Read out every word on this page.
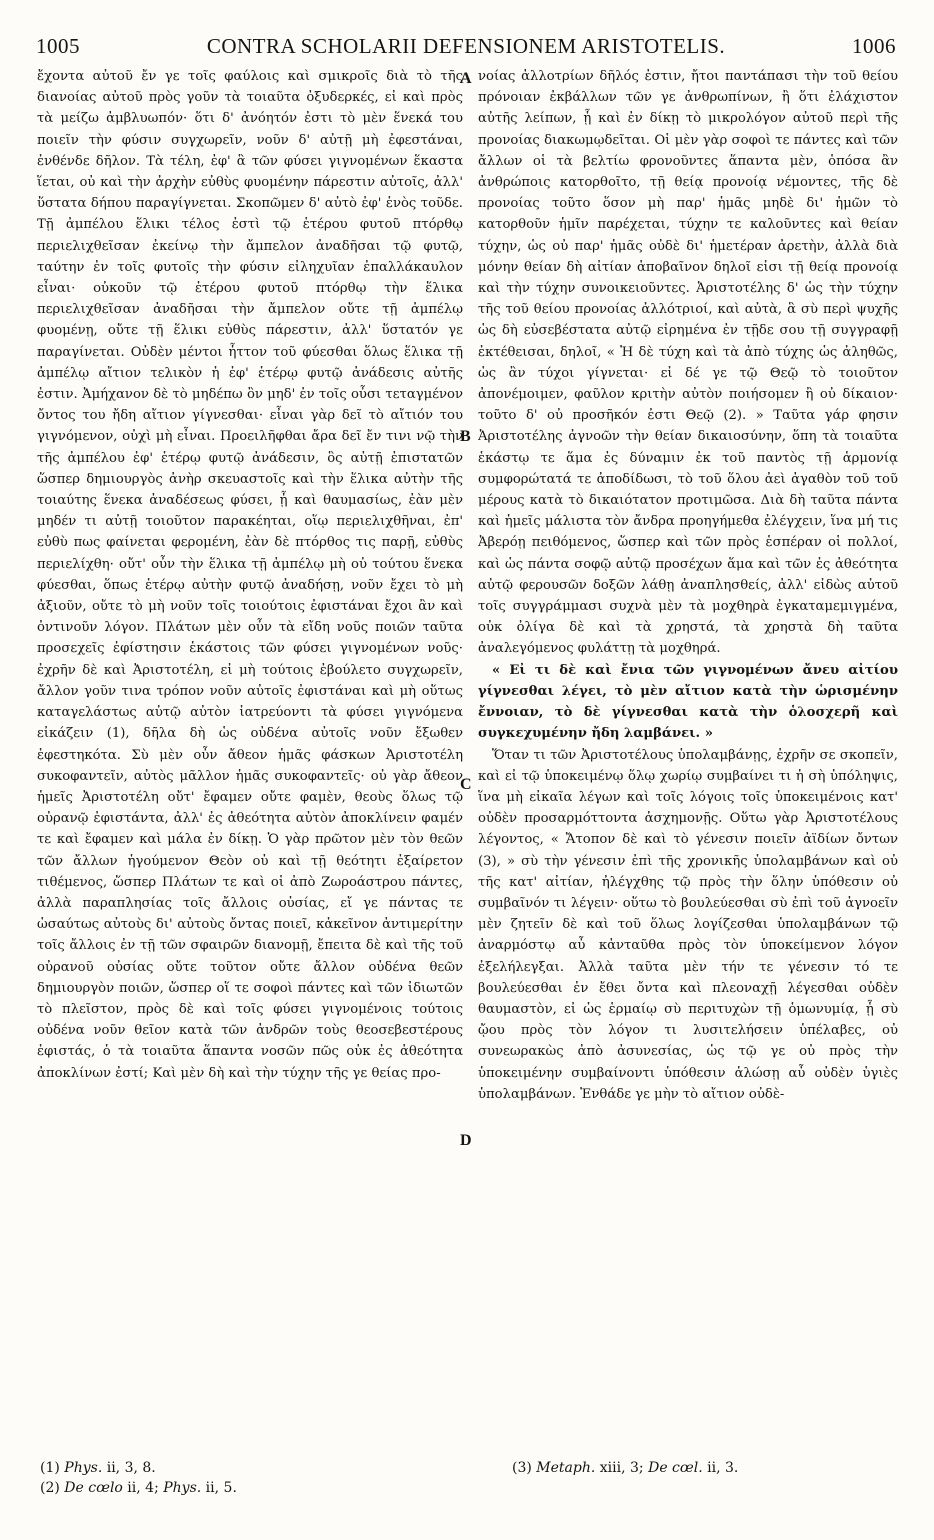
1005	CONTRA SCHOLARII DEFENSIONEM ARISTOTELIS.	1006

ἔχοντα αὐτοῦ ἔν γε τοῖς φαύλοις καὶ σμικροῖς διὰ τὸ τῆς διανοίας αὐτοῦ πρὸς γοῦν τὰ τοιαῦτα ὀξυδερκές, εἰ καὶ πρὸς τὰ μείζω ἀμβλυωπόν· ὅτι δ' ἀνόητόν ἐστι τὸ μὲν ἕνεκά του ποιεῖν τὴν φύσιν συγχωρεῖν, νοῦν δ' αὐτῇ μὴ ἐφεστάναι, ἐνθένδε δῆλον. Τὰ τέλη, ἐφ' ἃ τῶν φύσει γιγνομένων ἕκαστα ἵεται, οὐ καὶ τὴν ἀρχὴν εὐθὺς φυομένην πάρεστιν αὐτοῖς, ἀλλ' ὕστατα δήπου παραγίγνεται. Σκοπῶμεν δ' αὐτὸ ἐφ' ἑνὸς τοῦδε. Τῇ ἀμπέλου ἕλικι τέλος ἐστὶ τῷ ἑτέρου φυτοῦ πτόρθῳ περιελιχθεῖσαν ἐκείνῳ τὴν ἄμπελον ἀναδῆσαι τῷ φυτῷ, ταύτην ἐν τοῖς φυτοῖς τὴν φύσιν εἰληχυῖαν ἐπαλλάκαυλον εἶναι· οὐκοῦν τῷ ἑτέρου φυτοῦ πτόρθῳ τὴν ἕλικα περιελιχθεῖσαν ἀναδῆσαι τὴν ἄμπελον οὔτε τῇ ἀμπέλῳ φυομένῃ, οὔτε τῇ ἕλικι εὐθὺς πάρεστιν, ἀλλ' ὕστατόν γε παραγίνεται. Οὐδὲν μέντοι ἧττον τοῦ φύεσθαι ὅλως ἕλικα τῇ ἀμπέλῳ αἴτιον τελικὸν ἡ ἐφ' ἑτέρῳ φυτῷ ἀνάδεσις αὐτῆς ἐστιν. Ἀμήχανον δὲ τὸ μηδέπω ὂν μηδ' ἐν τοῖς οὖσι τεταγμένον ὄντος του ἤδη αἴτιον γίγνεσθαι· εἶναι γὰρ δεῖ τὸ αἴτιόν του γιγνόμενον, οὐχὶ μὴ εἶναι. Προειλῆφθαι ἄρα δεῖ ἔν τινι νῷ τὴν τῆς ἀμπέλου ἐφ' ἑτέρῳ φυτῷ ἀνάδεσιν, ὃς αὐτῇ ἐπιστατῶν ὥσπερ δημιουργὸς ἀνὴρ σκευαστοῖς καὶ τὴν ἕλικα αὐτὴν τῆς τοιαύτης ἕνεκα ἀναδέσεως φύσει, ᾗ καὶ θαυμασίως, ἐὰν μὲν μηδέν τι αὐτῇ τοιοῦτον παρακέηται, οἵῳ περιελιχθῆναι, ἐπ' εὐθὺ πως φαίνεται φερομένη, ἐὰν δὲ πτόρθος τις παρῇ, εὐθὺς περιελίχθη· οὔτ' οὖν τὴν ἕλικα τῇ ἀμπέλῳ μὴ οὐ τούτου ἕνεκα φύεσθαι, ὅπως ἑτέρῳ αὐτὴν φυτῷ ἀναδήσῃ, νοῦν ἔχει τὸ μὴ ἀξιοῦν, οὔτε τὸ μὴ νοῦν τοῖς τοιούτοις ἐφιστάναι ἔχοι ἂν καὶ ὀντινοῦν λόγον. Πλάτων μὲν οὖν τὰ εἴδη νοῦς ποιῶν ταῦτα προσεχεῖς ἐφίστησιν ἑκάστοις τῶν φύσει γιγνομένων νοῦς· ἐχρῆν δὲ καὶ Ἀριστοτέλη, εἰ μὴ τούτοις ἐβούλετο συγχωρεῖν, ἄλλον γοῦν τινα τρόπον νοῦν αὐτοῖς ἐφιστάναι καὶ μὴ οὕτως καταγελάστως αὐτῷ αὐτὸν ἰατρεύοντι τὰ φύσει γιγνόμενα εἰκάζειν (1), δῆλα δὴ ὡς οὐδένα αὐτοῖς νοῦν ἔξωθεν ἐφεστηκότα. Σὺ μὲν οὖν ἄθεον ἡμᾶς φάσκων Ἀριστοτέλη συκοφαντεῖν, αὐτὸς μᾶλλον ἡμᾶς συκοφαντεῖς· οὐ γὰρ ἄθεον ἡμεῖς Ἀριστοτέλη οὔτ' ἔφαμεν οὔτε φαμὲν, θεοὺς ὅλως τῷ οὐρανῷ ἐφιστάντα, ἀλλ' ἐς ἀθεότητα αὐτὸν ἀποκλίνειν φαμέν τε καὶ ἔφαμεν καὶ μάλα ἐν δίκῃ. Ὁ γὰρ πρῶτον μὲν τὸν θεῶν τῶν ἄλλων ἡγούμενον Θεὸν οὐ καὶ τῇ θεότητι ἐξαίρετον τιθέμενος, ὥσπερ Πλάτων τε καὶ οἱ ἀπὸ Ζωροάστρου πάντες, ἀλλὰ παραπλησίας τοῖς ἄλλοις οὐσίας, εἴ γε πάντας τε ὡσαύτως αὐτοὺς δι' αὐτοὺς ὄντας ποιεῖ, κἀκεῖνον ἀντιμερίτην τοῖς ἄλλοις ἐν τῇ τῶν σφαιρῶν διανομῇ, ἔπειτα δὲ καὶ τῆς τοῦ οὐρανοῦ οὐσίας οὔτε τοῦτον οὔτε ἄλλον οὐδένα θεῶν δημιουργὸν ποιῶν, ὥσπερ οἵ τε σοφοὶ πάντες καὶ τῶν ἰδιωτῶν τὸ πλεῖστον, πρὸς δὲ καὶ τοῖς φύσει γιγνομένοις τούτοις οὐδένα νοῦν θεῖον κατὰ τῶν ἀνδρῶν τοὺς θεοσεβεστέρους ἐφιστάς, ὁ τὰ τοιαῦτα ἅπαντα νοσῶν πῶς οὐκ ἐς ἀθεότητα ἀποκλίνων ἐστί; Καὶ μὲν δὴ καὶ τὴν τύχην τῆς γε θείας προ-

A
B
C
D

νοίας ἀλλοτρίων δῆλός ἐστιν, ἤτοι παντάπασι τὴν τοῦ θείου πρόνοιαν ἐκβάλλων τῶν γε ἀνθρωπίνων, ἢ ὅτι ἐλάχιστον αὐτῆς λείπων, ᾗ καὶ ἐν δίκῃ τὸ μικρολόγον αὐτοῦ περὶ τῆς προνοίας διακωμῳδεῖται. Οἱ μὲν γὰρ σοφοὶ τε πάντες καὶ τῶν ἄλλων οἱ τὰ βελτίω φρονοῦντες ἅπαντα μὲν, ὁπόσα ἂν ἀνθρώποις κατορθοῖτο, τῇ θείᾳ προνοίᾳ νέμοντες, τῆς δὲ προνοίας τοῦτο ὅσον μὴ παρ' ἡμᾶς μηδὲ δι' ἡμῶν τὸ κατορθοῦν ἡμῖν παρέχεται, τύχην τε καλοῦντες καὶ θείαν τύχην, ὡς οὐ παρ' ἡμᾶς οὐδὲ δι' ἡμετέραν ἀρετὴν, ἀλλὰ διὰ μόνην θείαν δὴ αἰτίαν ἀποβαῖνον δηλοῖ εἰσι τῇ θείᾳ προνοίᾳ καὶ τὴν τύχην συνοικειοῦντες. Ἀριστοτέλης δ' ὡς τὴν τύχην τῆς τοῦ θείου προνοίας ἀλλότριοί, καὶ αὐτὰ, ἃ σὺ περὶ ψυχῆς ὡς δὴ εὐσεβέστατα αὐτῷ εἰρημένα ἐν τῇδε σου τῇ συγγραφῇ ἐκτέθεισαι, δηλοῖ, « Ἡ δὲ τύχη καὶ τὰ ἀπὸ τύχης ὡς ἀληθῶς, ὡς ἂν τύχοι γίγνεται· εἰ δέ γε τῷ Θεῷ τὸ τοιοῦτον ἀπονέμοιμεν, φαῦλον κριτὴν αὐτὸν ποιήσομεν ἢ οὐ δίκαιον· τοῦτο δ' οὐ προσῆκόν ἐστι Θεῷ (2). » Ταῦτα γάρ φησιν Ἀριστοτέλης ἀγνοῶν τὴν θείαν δικαιοσύνην, ὅπη τὰ τοιαῦτα ἑκάστῳ τε ἅμα ἐς δύναμιν ἐκ τοῦ παντὸς τῇ ἁρμονίᾳ συμφορώτατά τε ἀποδίδωσι, τὸ τοῦ ὅλου ἀεὶ ἀγαθὸν τοῦ τοῦ μέρους κατὰ τὸ δικαιότατον προτιμῶσα. Διὰ δὴ ταῦτα πάντα καὶ ἡμεῖς μάλιστα τὸν ἄνδρα προηγήμεθα ἐλέγχειν, ἵνα μή τις Ἀβερόῃ πειθόμενος, ὥσπερ καὶ τῶν πρὸς ἑσπέραν οἱ πολλοί, καὶ ὡς πάντα σοφῷ αὐτῷ προσέχων ἅμα καὶ τῶν ἐς ἀθεότητα αὐτῷ φερουσῶν δοξῶν λάθῃ ἀναπλησθείς, ἀλλ' εἰδὼς αὐτοῦ τοῖς συγγράμμασι συχνὰ μὲν τὰ μοχθηρὰ ἐγκαταμεμιγμένα, οὐκ ὀλίγα δὲ καὶ τὰ χρηστά, τὰ χρηστὰ δὴ ταῦτα ἀναλεγόμενος φυλάττῃ τὰ μοχθηρά.

« Εἰ τι δὲ καὶ ἔνια τῶν γιγνομένων ἄνευ αἰτίου γίγνεσθαι λέγει, τὸ μὲν αἴτιον κατὰ τὴν ὡρισμένην ἔννοιαν, τὸ δὲ γίγνεσθαι κατὰ τὴν ὁλοσχερῆ καὶ συγκεχυμένην ἤδη λαμβάνει. »

Ὅταν τι τῶν Ἀριστοτέλους ὑπολαμβάνῃς, ἐχρῆν σε σκοπεῖν, καὶ εἰ τῷ ὑποκειμένῳ ὅλῳ χωρίῳ συμβαίνει τι ἡ σὴ ὑπόληψις, ἵνα μὴ εἰκαῖα λέγων καὶ τοῖς λόγοις τοῖς ὑποκειμένοις κατ' οὐδὲν προσαρμόττοντα ἀσχημονῇς. Οὕτω γὰρ Ἀριστοτέλους λέγοντος, « Ἄτοπον δὲ καὶ τὸ γένεσιν ποιεῖν ἀϊδίων ὄντων (3), » σὺ τὴν γένεσιν ἐπὶ τῆς χρονικῆς ὑπολαμβάνων καὶ οὐ τῆς κατ' αἰτίαν, ἠλέγχθης τῷ πρὸς τὴν ὅλην ὑπόθεσιν οὐ συμβαῖνόν τι λέγειν· οὕτω τὸ βουλεύεσθαι σὺ ἐπὶ τοῦ ἀγνοεῖν μὲν ζητεῖν δὲ καὶ τοῦ ὅλως λογίζεσθαι ὑπολαμβάνων τῷ ἀναρμόστῳ αὖ κἀνταῦθα πρὸς τὸν ὑποκείμενον λόγον ἐξελήλεγξαι. Ἀλλὰ ταῦτα μὲν τήν τε γένεσιν τό τε βουλεύεσθαι ἐν ἔθει ὄντα καὶ πλεοναχῇ λέγεσθαι οὐδὲν θαυμαστὸν, εἰ ὡς ἑρμαίῳ σὺ περιτυχὼν τῇ ὁμωνυμίᾳ, ᾗ σὺ ᾤου πρὸς τὸν λόγον τι λυσιτελήσειν ὑπέλαβες, οὐ συνεωρακὼς ἀπὸ ἀσυνεσίας, ὡς τῷ γε οὐ πρὸς τὴν ὑποκειμένην συμβαίνοντι ὑπόθεσιν ἁλώσῃ αὖ οὐδὲν ὑγιὲς ὑπολαμβάνων. Ἐνθάδε γε μὴν τὸ αἴτιον οὐδὲ-

(1) Phys. ii, 3, 8.
(2) De cœlo ii, 4; Phys. ii, 5.
(3) Metaph. xiii, 3; De cœl. ii, 3.
